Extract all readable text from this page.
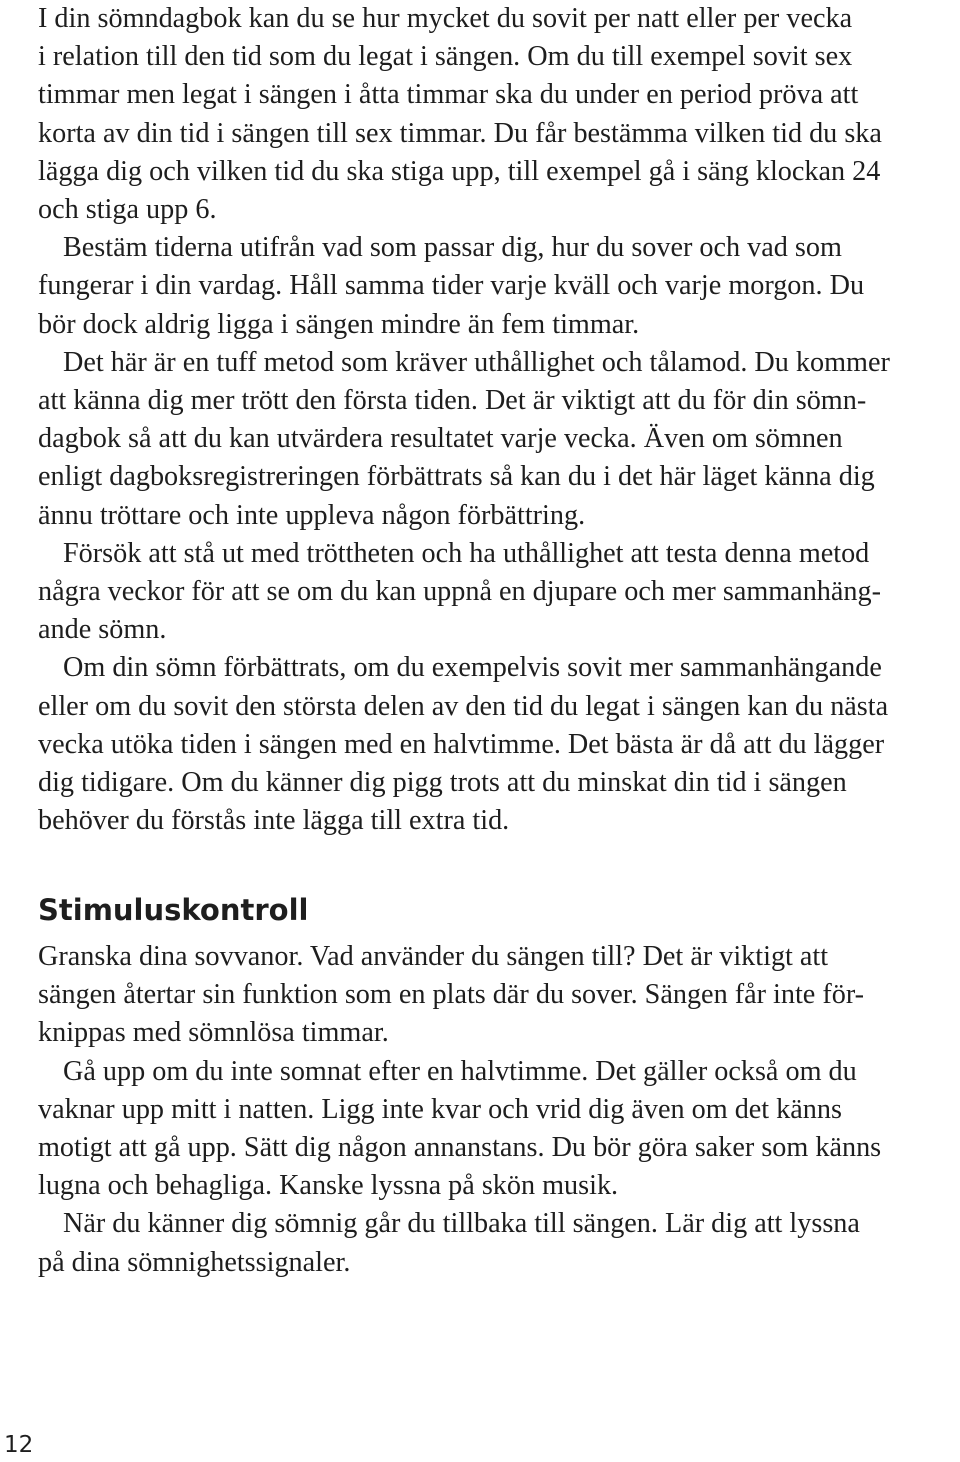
I din sömndagbok kan du se hur mycket du sovit per natt eller per vecka
i relation till den tid som du legat i sängen. Om du till exempel sovit sex
timmar men legat i sängen i åtta timmar ska du under en period pröva att
korta av din tid i sängen till sex timmar. Du får bestämma vilken tid du ska
lägga dig och vilken tid du ska stiga upp, till exempel gå i säng klockan 24
och stiga upp 6.

Bestäm tiderna utifrån vad som passar dig, hur du sover och vad som
fungerar i din vardag. Håll samma tider varje kväll och varje morgon. Du
bör dock aldrig ligga i sängen mindre än fem timmar.

Det här är en tuff metod som kräver uthållighet och tålamod. Du kommer
att känna dig mer trött den första tiden. Det är viktigt att du för din sömn-
dagbok så att du kan utvärdera resultatet varje vecka. Även om sömnen
enligt dagboksregistreringen förbättrats så kan du i det här läget känna dig
ännu tröttare och inte uppleva någon förbättring.

Försök att stå ut med tröttheten och ha uthållighet att testa denna metod
några veckor för att se om du kan uppnå en djupare och mer sammanhäng-
ande sömn.

Om din sömn förbättrats, om du exempelvis sovit mer sammanhängande
eller om du sovit den största delen av den tid du legat i sängen kan du nästa
vecka utöka tiden i sängen med en halvtimme. Det bästa är då att du lägger
dig tidigare. Om du känner dig pigg trots att du minskat din tid i sängen
behöver du förstås inte lägga till extra tid.

Stimuluskontroll

Granska dina sovvanor. Vad använder du sängen till? Det är viktigt att
sängen återtar sin funktion som en plats där du sover. Sängen får inte för-
knippas med sömnlösa timmar.

Gå upp om du inte somnat efter en halvtimme. Det gäller också om du
vaknar upp mitt i natten. Ligg inte kvar och vrid dig även om det känns
motigt att gå upp. Sätt dig någon annanstans. Du bör göra saker som känns
lugna och behagliga. Kanske lyssna på skön musik.

När du känner dig sömnig går du tillbaka till sängen. Lär dig att lyssna
på dina sömnighetssignaler.

12
